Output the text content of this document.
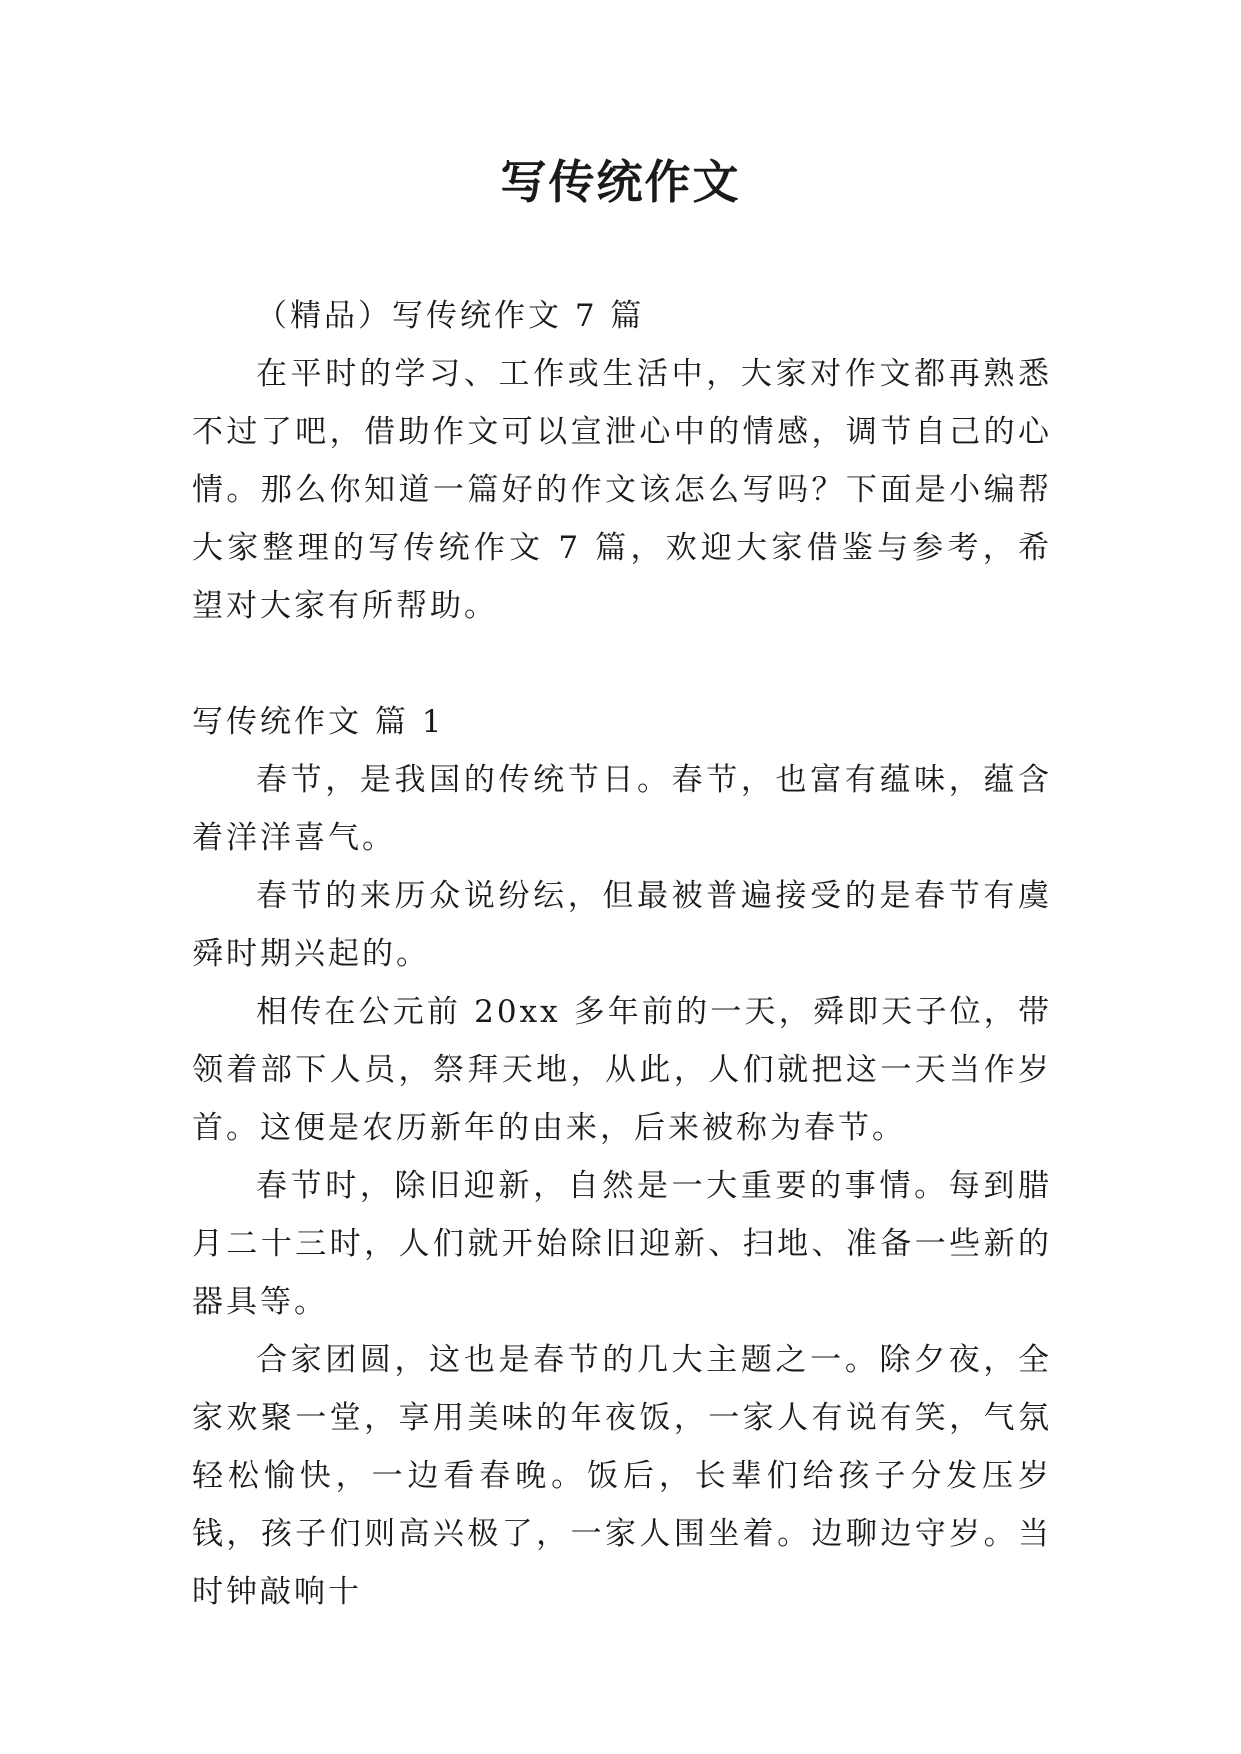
写传统作文

（精品）写传统作文 7 篇

在平时的学习、工作或生活中，大家对作文都再熟悉不过了吧，借助作文可以宣泄心中的情感，调节自己的心情。那么你知道一篇好的作文该怎么写吗？下面是小编帮大家整理的写传统作文 7 篇，欢迎大家借鉴与参考，希望对大家有所帮助。

写传统作文 篇 1

春节，是我国的传统节日。春节，也富有蕴味，蕴含着洋洋喜气。

春节的来历众说纷纭，但最被普遍接受的是春节有虞舜时期兴起的。

相传在公元前 20xx 多年前的一天，舜即天子位，带领着部下人员，祭拜天地，从此，人们就把这一天当作岁首。这便是农历新年的由来，后来被称为春节。

春节时，除旧迎新，自然是一大重要的事情。每到腊月二十三时，人们就开始除旧迎新、扫地、准备一些新的器具等。

合家团圆，这也是春节的几大主题之一。除夕夜，全家欢聚一堂，享用美味的年夜饭，一家人有说有笑，气氛轻松愉快，一边看春晚。饭后，长辈们给孩子分发压岁钱，孩子们则高兴极了，一家人围坐着。边聊边守岁。当时钟敲响十
